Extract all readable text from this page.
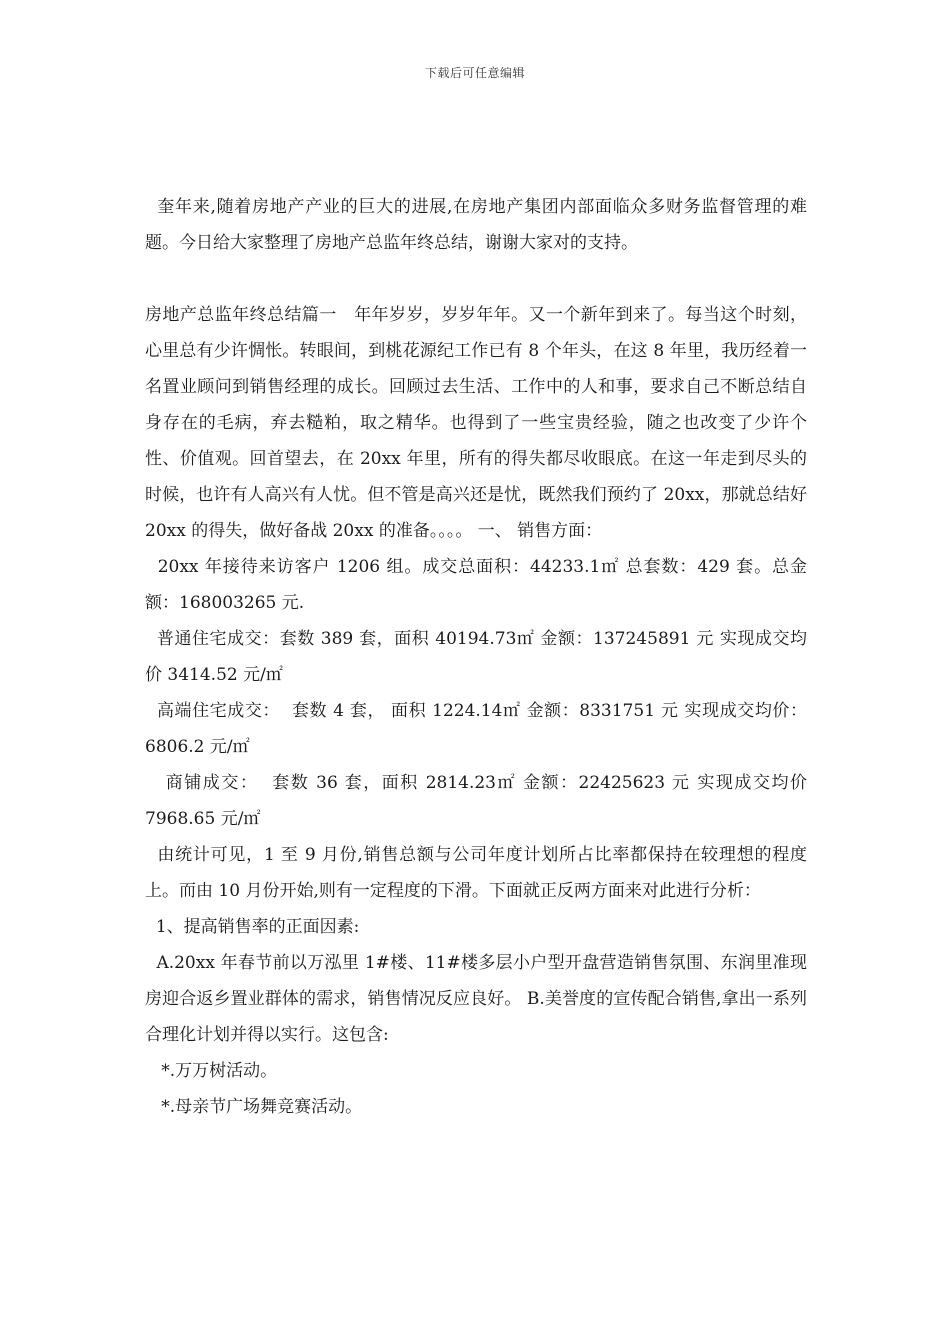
下载后可任意编辑

奎年来,随着房地产产业的巨大的进展,在房地产集团内部面临众多财务监督管理的难题。今日给大家整理了房地产总监年终总结，谢谢大家对的支持。

房地产总监年终总结篇一　年年岁岁，岁岁年年。又一个新年到来了。每当这个时刻，心里总有少许惆怅。转眼间，到桃花源纪工作已有 8 个年头，在这 8 年里，我历经着一名置业顾问到销售经理的成长。回顾过去生活、工作中的人和事，要求自己不断总结自身存在的毛病，弃去糙粕，取之精华。也得到了一些宝贵经验，随之也改变了少许个性、价值观。回首望去，在 20xx 年里，所有的得失都尽收眼底。在这一年走到尽头的时候，也许有人高兴有人忧。但不管是高兴还是忧，既然我们预约了 20xx，那就总结好 20xx 的得失，做好备战 20xx 的准备。。。。 一、 销售方面：

20xx 年接待来访客户 1206 组。成交总面积：44233.1㎡ 总套数：429 套。总金额：168003265 元.

普通住宅成交：套数 389 套，面积 40194.73㎡ 金额：137245891 元 实现成交均价 3414.52 元/㎡

高端住宅成交：  套数 4 套， 面积 1224.14㎡ 金额：8331751 元 实现成交均价：6806.2 元/㎡

商铺成交：  套数 36 套，面积 2814.23㎡ 金额：22425623 元 实现成交均价 7968.65 元/㎡

由统计可见，1 至 9 月份,销售总额与公司年度计划所占比率都保持在较理想的程度上。而由 10 月份开始,则有一定程度的下滑。下面就正反两方面来对此进行分析：

1、提高销售率的正面因素:

A.20xx 年春节前以万泓里 1#楼、11#楼多层小户型开盘营造销售氛围、东润里准现房迎合返乡置业群体的需求，销售情况反应良好。 B.美誉度的宣传配合销售,拿出一系列合理化计划并得以实行。这包含:

*.万万树活动。

*.母亲节广场舞竞赛活动。
